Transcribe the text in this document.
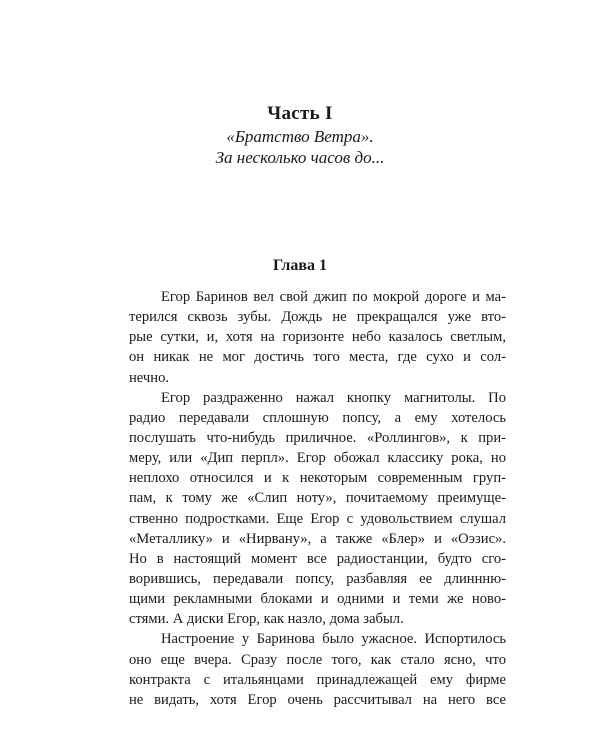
Часть I

«Братство Ветра».

За несколько часов до...

Глава 1

Егор Баринов вел свой джип по мокрой дороге и ма-
терился сквозь зубы. Дождь не прекращался уже вто-
рые сутки, и, хотя на горизонте небо казалось светлым,
он никак не мог достичь того места, где сухо и сол-
нечно.
Егор раздраженно нажал кнопку магнитолы. По
радио передавали сплошную попсу, а ему хотелось
послушать что-нибудь приличное. «Роллингов», к при-
меру, или «Дип перпл». Егор обожал классику рока, но
неплохо относился и к некоторым современным груп-
пам, к тому же «Слип ноту», почитаемому преимуще-
ственно подростками. Еще Егор с удовольствием слушал
«Металлику» и «Нирвану», а также «Блер» и «Оэзис».
Но в настоящий момент все радиостанции, будто сго-
ворившись, передавали попсу, разбавляя ее длиннню-
щими рекламными блоками и одними и теми же ново-
стями. А диски Егор, как назло, дома забыл.
Настроение у Баринова было ужасное. Испортилось
оно еще вчера. Сразу после того, как стало ясно, что
контракта с итальянцами принадлежащей ему фирме
не видать, хотя Егор очень рассчитывал на него все
